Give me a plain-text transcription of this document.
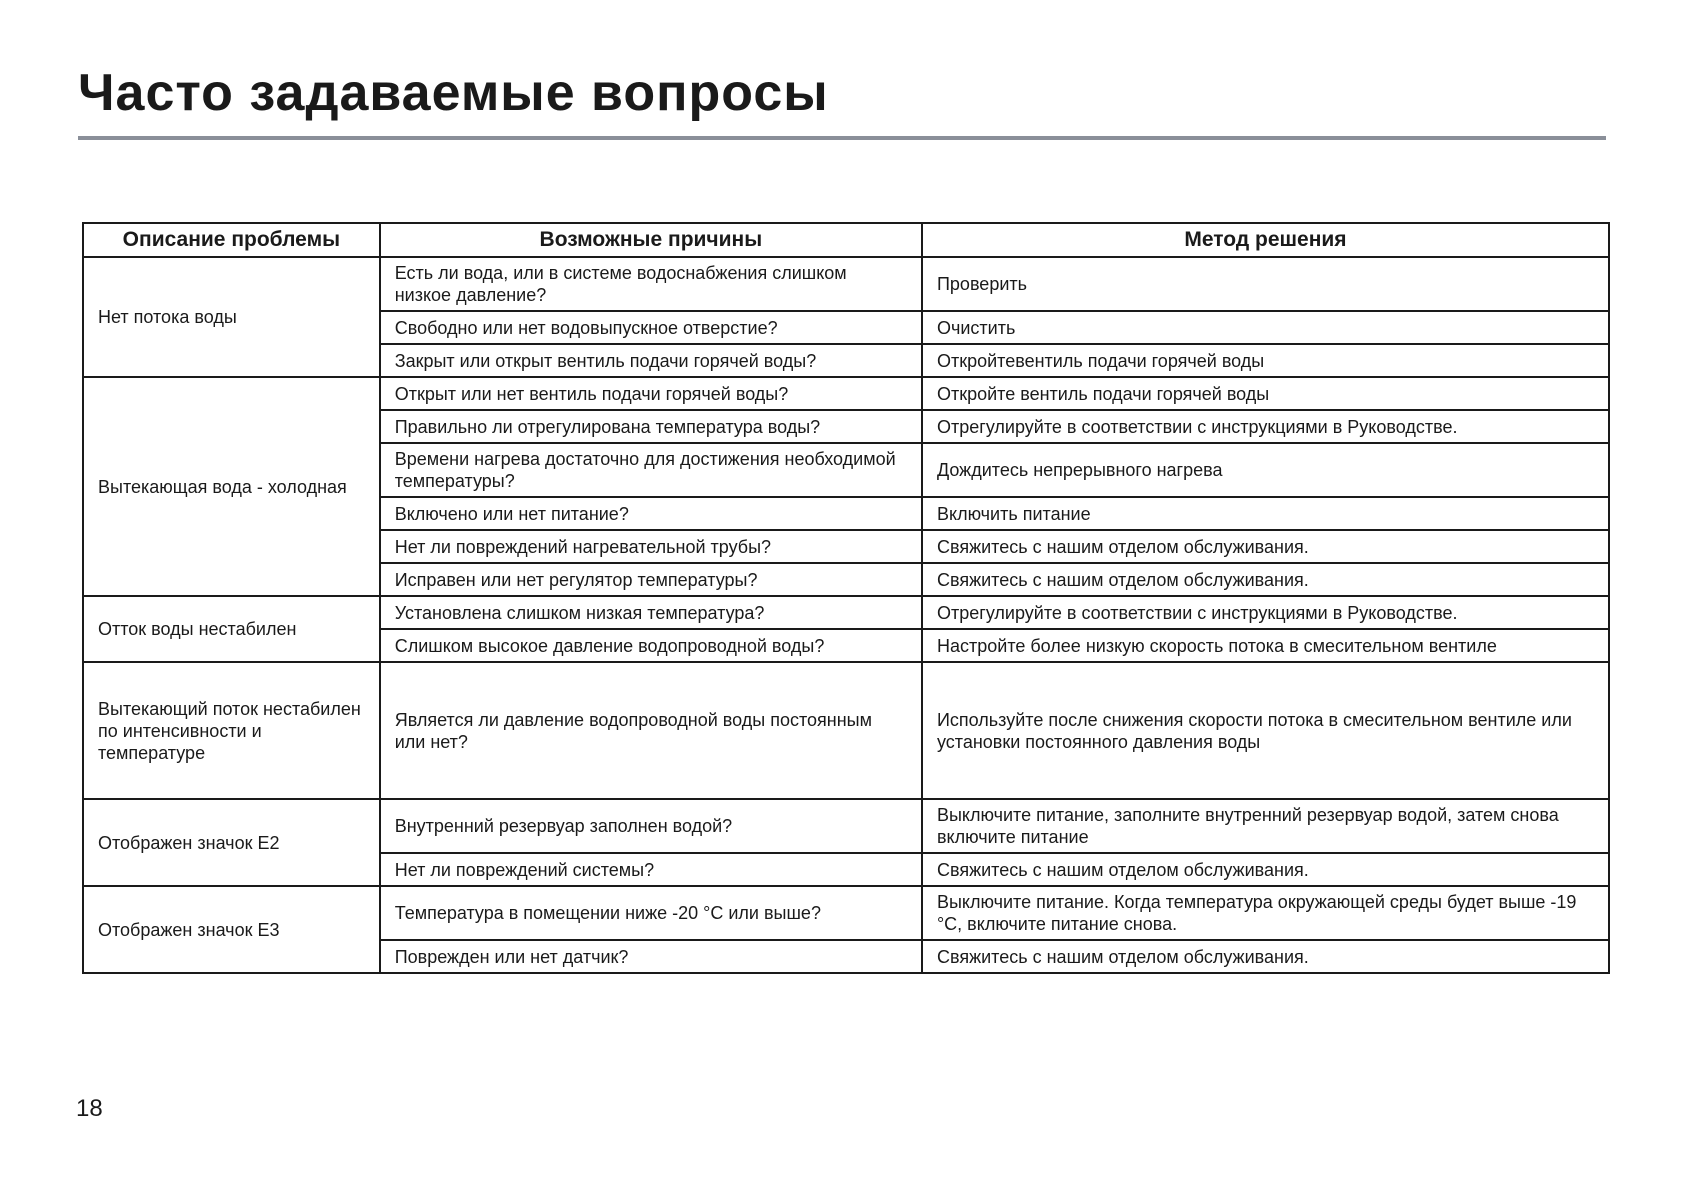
Часто задаваемые вопросы
Описание проблемы	Возможные причины	Метод решения
Нет потока воды	Есть ли вода, или в системе водоснабжения слишком низкое давление?	Проверить
	Свободно или нет водовыпускное отверстие?	Очистить
	Закрыт или открыт вентиль подачи горячей воды?	Откройтевентиль подачи горячей воды
Вытекающая вода - холодная	Открыт или нет вентиль подачи горячей воды?	Откройте вентиль подачи горячей воды
	Правильно ли отрегулирована температура воды?	Отрегулируйте в соответствии с инструкциями в Руководстве.
	Времени нагрева достаточно для достижения необходимой температуры?	Дождитесь непрерывного нагрева
	Включено или нет питание?	Включить питание
	Нет ли повреждений нагревательной трубы?	Свяжитесь с нашим отделом обслуживания.
	Исправен или нет регулятор температуры?	Свяжитесь с нашим отделом обслуживания.
Отток воды нестабилен	Установлена слишком низкая температура?	Отрегулируйте в соответствии с инструкциями в Руководстве.
	Слишком высокое давление водопроводной воды?	Настройте более низкую скорость потока в смесительном вентиле
Вытекающий поток нестабилен по интенсивности и температуре	Является ли давление водопроводной воды постоянным или нет?	Используйте после снижения скорости потока в смесительном вентиле или установки постоянного давления воды
Отображен значок E2	Внутренний резервуар заполнен водой?	Выключите питание, заполните внутренний резервуар водой, затем снова включите питание
	Нет ли повреждений системы?	Свяжитесь с нашим отделом обслуживания.
Отображен значок E3	Температура в помещении ниже -20 °C или выше?	Выключите питание. Когда температура окружающей среды будет выше -19 °C, включите питание снова.
	Поврежден или нет датчик?	Свяжитесь с нашим отделом обслуживания.
18
